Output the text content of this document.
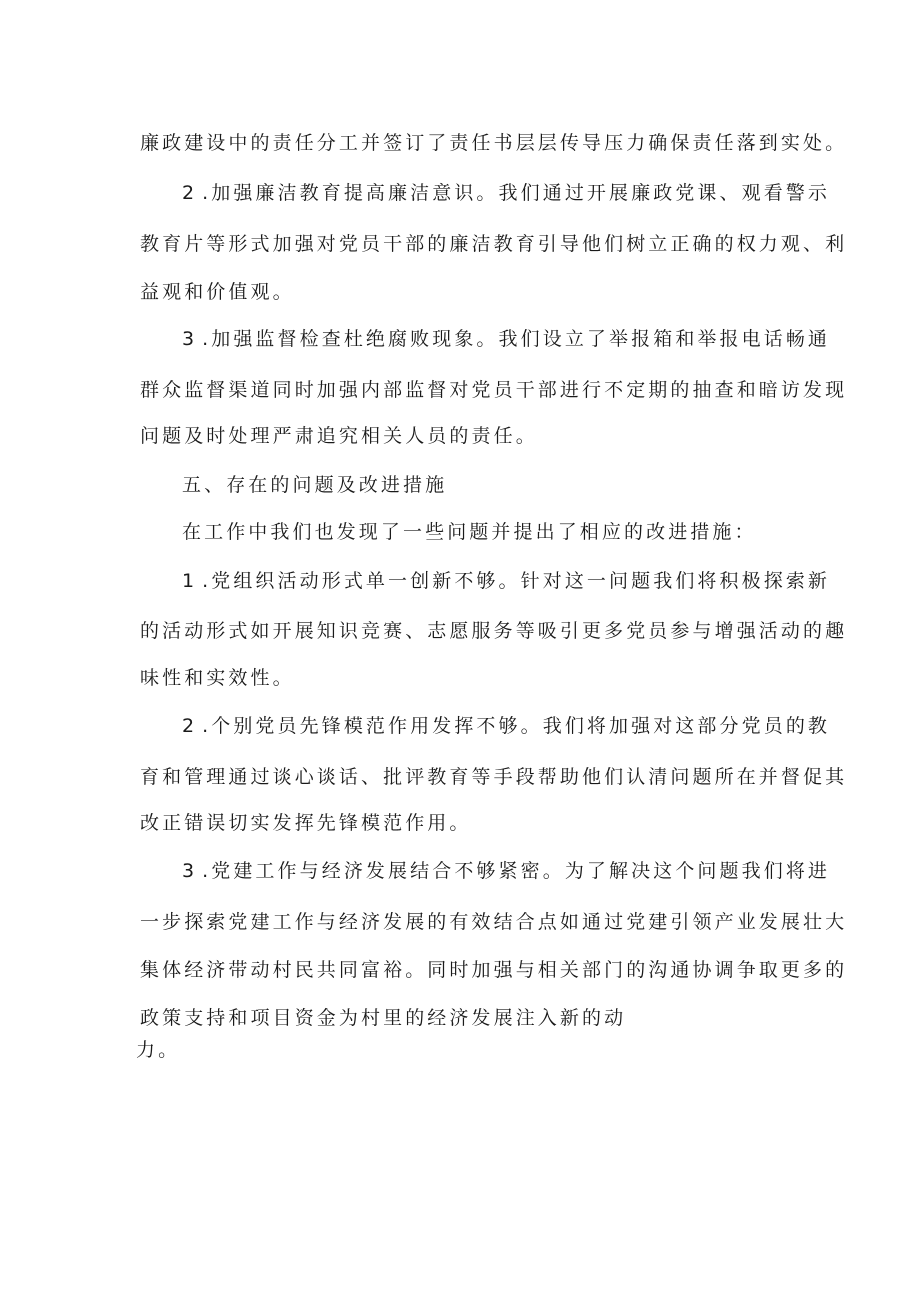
廉政建设中的责任分工并签订了责任书层层传导压力确保责任落到实处。
2 .加强廉洁教育提高廉洁意识。我们通过开展廉政党课、观看警示
教育片等形式加强对党员干部的廉洁教育引导他们树立正确的权力观、利
益观和价值观。
3 .加强监督检查杜绝腐败现象。我们设立了举报箱和举报电话畅通
群众监督渠道同时加强内部监督对党员干部进行不定期的抽查和暗访发现
问题及时处理严肃追究相关人员的责任。
五、存在的问题及改进措施
在工作中我们也发现了一些问题并提出了相应的改进措施：
1 .党组织活动形式单一创新不够。针对这一问题我们将积极探索新
的活动形式如开展知识竞赛、志愿服务等吸引更多党员参与增强活动的趣
味性和实效性。
2 .个别党员先锋模范作用发挥不够。我们将加强对这部分党员的教
育和管理通过谈心谈话、批评教育等手段帮助他们认清问题所在并督促其
改正错误切实发挥先锋模范作用。
3 .党建工作与经济发展结合不够紧密。为了解决这个问题我们将进
一步探索党建工作与经济发展的有效结合点如通过党建引领产业发展壮大
集体经济带动村民共同富裕。同时加强与相关部门的沟通协调争取更多的
政策支持和项目资金为村里的经济发展注入新的动
力。
